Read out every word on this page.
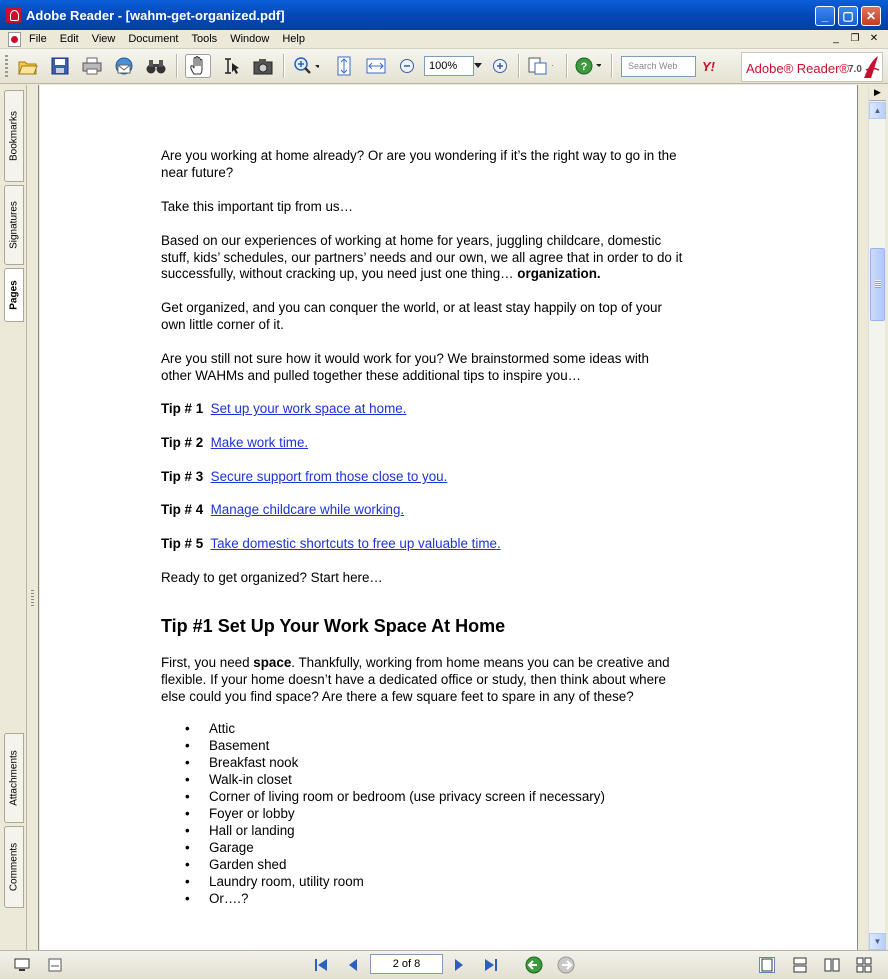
Adobe Reader - [wahm-get-organized.pdf]	_	▢	✕
File Edit View Document Tools Window Help	_	❐	✕
?	Y!
100%	Search Web	Adobe® Reader® 7.0
Bookmarks
Signatures
Pages
Attachments
Comments
Are you working at home already? Or are you wondering if it’s the right way to go in the
near future?
Take this important tip from us…
Based on our experiences of working at home for years, juggling childcare, domestic
stuff, kids’ schedules, our partners’ needs and our own, we all agree that in order to do it
successfully, without cracking up, you need just one thing… organization.
Get organized, and you can conquer the world, or at least stay happily on top of your
own little corner of it.
Are you still not sure how it would work for you? We brainstormed some ideas with
other WAHMs and pulled together these additional tips to inspire you…
Tip # 1 Set up your work space at home.
Tip # 2 Make work time.
Tip # 3 Secure support from those close to you.
Tip # 4 Manage childcare while working.
Tip # 5 Take domestic shortcuts to free up valuable time.
Ready to get organized? Start here…
Tip #1 Set Up Your Work Space At Home
First, you need space. Thankfully, working from home means you can be creative and
flexible. If your home doesn’t have a dedicated office or study, then think about where
else could you find space? Are there a few square feet to spare in any of these?
• Attic
• Basement
• Breakfast nook
• Walk-in closet
• Corner of living room or bedroom (use privacy screen if necessary)
• Foyer or lobby
• Hall or landing
• Garage
• Garden shed
• Laundry room, utility room
• Or….?
▶
▲
▼
2 of 8
